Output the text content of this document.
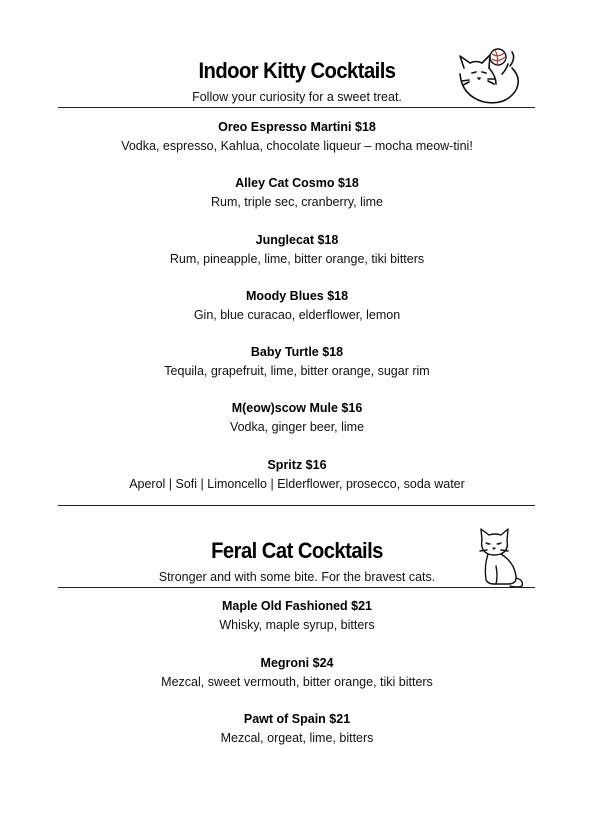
Indoor Kitty Cocktails
Follow your curiosity for a sweet treat.
Oreo Espresso Martini $18
Vodka, espresso, Kahlua, chocolate liqueur – mocha meow-tini!
Alley Cat Cosmo $18
Rum, triple sec, cranberry, lime
Junglecat $18
Rum, pineapple, lime, bitter orange, tiki bitters
Moody Blues $18
Gin, blue curacao, elderflower, lemon
Baby Turtle $18
Tequila, grapefruit, lime, bitter orange, sugar rim
M(eow)scow Mule $16
Vodka, ginger beer, lime
Spritz $16
Aperol | Sofi | Limoncello | Elderflower, prosecco, soda water
Feral Cat Cocktails
Stronger and with some bite. For the bravest cats.
Maple Old Fashioned $21
Whisky, maple syrup, bitters
Megroni $24
Mezcal, sweet vermouth, bitter orange, tiki bitters
Pawt of Spain $21
Mezcal, orgeat, lime, bitters
